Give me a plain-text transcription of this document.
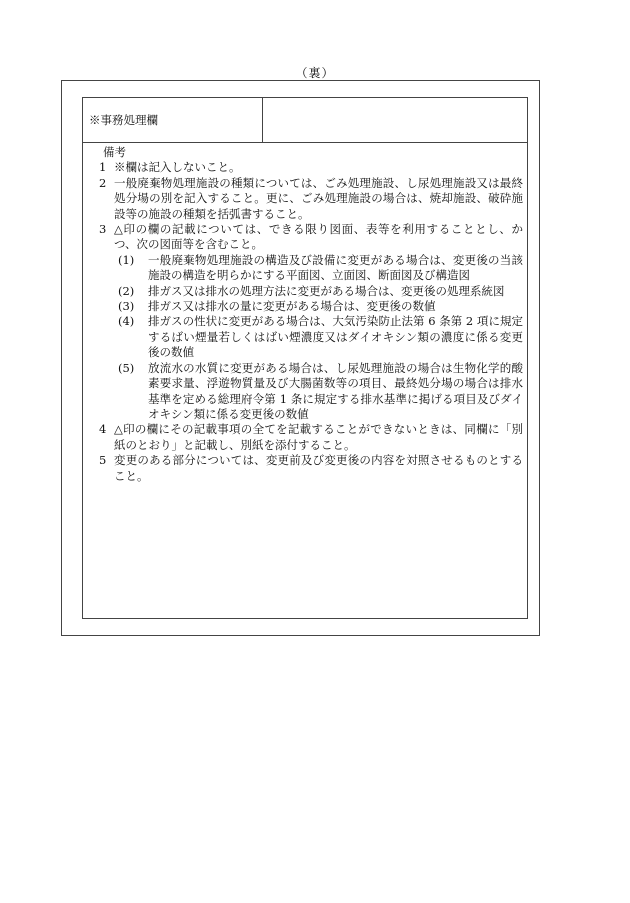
（裏）
※事務処理欄
備考
1 ※欄は記入しないこと。
2 一般廃棄物処理施設の種類については、ごみ処理施設、し尿処理施設又は最終処分場の別を記入すること。更に、ごみ処理施設の場合は、焼却施設、破砕施設等の施設の種類を括弧書すること。
3 △印の欄の記載については、できる限り図面、表等を利用することとし、かつ、次の図面等を含むこと。
(1)	一般廃棄物処理施設の構造及び設備に変更がある場合は、変更後の当該施設の構造を明らかにする平面図、立面図、断面図及び構造図
(2)	排ガス又は排水の処理方法に変更がある場合は、変更後の処理系統図
(3)	排ガス又は排水の量に変更がある場合は、変更後の数値
(4)	排ガスの性状に変更がある場合は、大気汚染防止法第 6 条第 2 項に規定するばい煙量若しくはばい煙濃度又はダイオキシン類の濃度に係る変更後の数値
(5)	放流水の水質に変更がある場合は、し尿処理施設の場合は生物化学的酸素要求量、浮遊物質量及び大腸菌数等の項目、最終処分場の場合は排水基準を定める総理府令第 1 条に規定する排水基準に掲げる項目及びダイオキシン類に係る変更後の数値
4 △印の欄にその記載事項の全てを記載することができないときは、同欄に「別紙のとおり」と記載し、別紙を添付すること。
5 変更のある部分については、変更前及び変更後の内容を対照させるものとすること。
